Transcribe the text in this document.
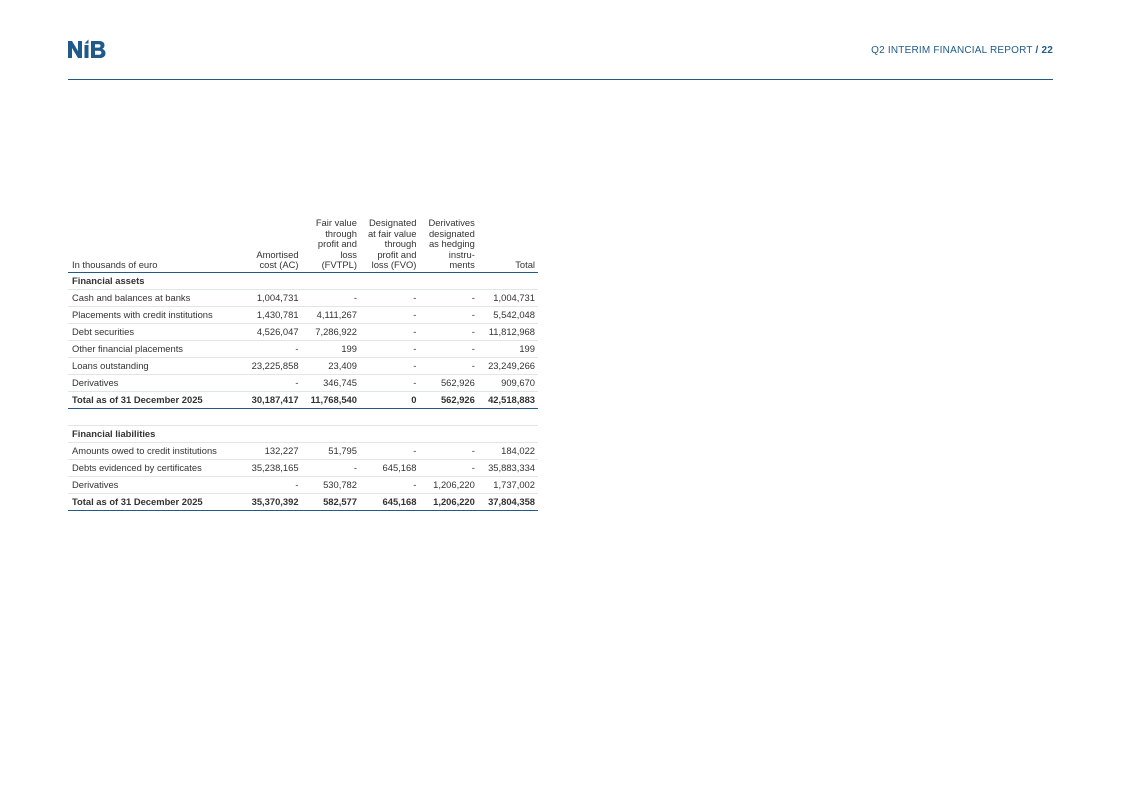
Q2 INTERIM FINANCIAL REPORT / 22
In thousands of euro	Amortised cost (AC)	Fair value through profit and loss (FVTPL)	Designated at fair value through profit and loss (FVO)	Derivatives designated as hedging instru- ments	Total
Financial assets					
Cash and balances at banks	1,004,731	-	-	-	1,004,731
Placements with credit institutions	1,430,781	4,111,267	-	-	5,542,048
Debt securities	4,526,047	7,286,922	-	-	11,812,968
Other financial placements	-	199	-	-	199
Loans outstanding	23,225,858	23,409	-	-	23,249,266
Derivatives	-	346,745	-	562,926	909,670
Total as of 31 December 2025	30,187,417	11,768,540	0	562,926	42,518,883

Financial liabilities					
Amounts owed to credit institutions	132,227	51,795	-	-	184,022
Debts evidenced by certificates	35,238,165	-	645,168	-	35,883,334
Derivatives	-	530,782	-	1,206,220	1,737,002
Total as of 31 December 2025	35,370,392	582,577	645,168	1,206,220	37,804,358
